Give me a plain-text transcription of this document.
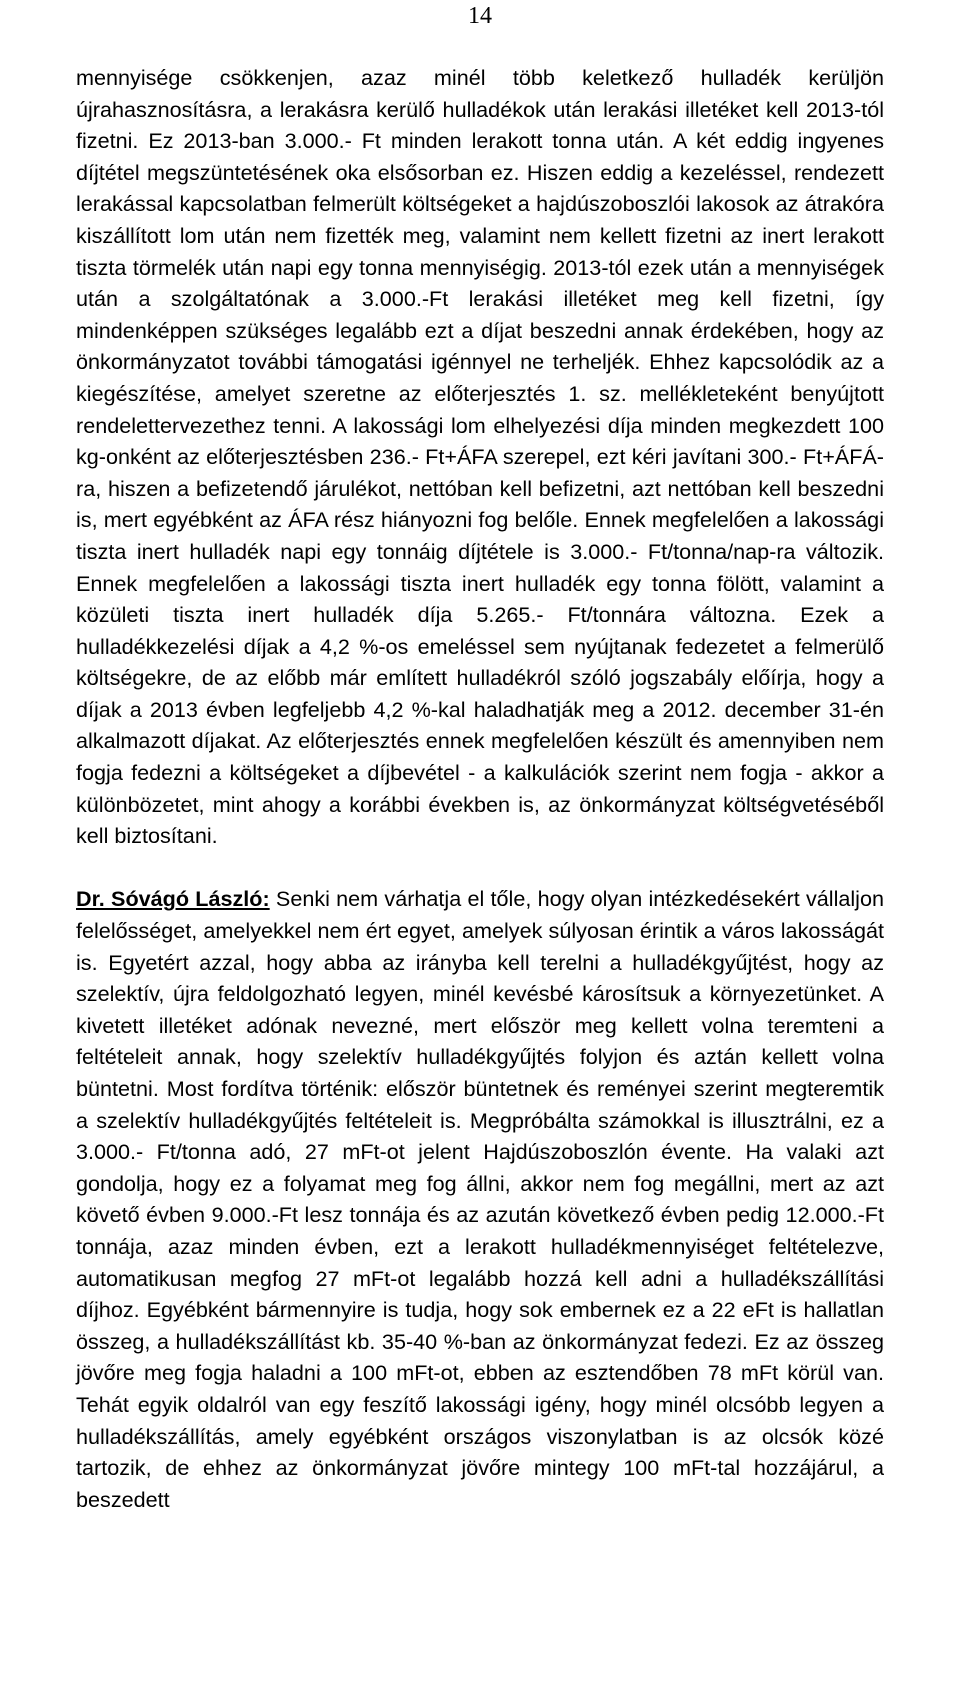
14

mennyisége csökkenjen, azaz minél több keletkező hulladék kerüljön újrahasznosításra, a lerakásra kerülő hulladékok után lerakási illetéket kell 2013-tól fizetni. Ez 2013-ban 3.000.- Ft minden lerakott tonna után. A két eddig ingyenes díjtétel megszüntetésének oka elsősorban ez. Hiszen eddig a kezeléssel, rendezett lerakással kapcsolatban felmerült költségeket a hajdúszoboszlói lakosok az átrakóra kiszállított lom után nem fizették meg, valamint nem kellett fizetni az inert lerakott tiszta törmelék után napi egy tonna mennyiségig. 2013-tól ezek után a mennyiségek után a szolgáltatónak a 3.000.-Ft lerakási illetéket meg kell fizetni, így mindenképpen szükséges legalább ezt a díjat beszedni annak érdekében, hogy az önkormányzatot további támogatási igénnyel ne terheljék. Ehhez kapcsolódik az a kiegészítése, amelyet szeretne az előterjesztés 1. sz. mellékleteként benyújtott rendelettervezethez tenni. A lakossági lom elhelyezési díja minden megkezdett 100 kg-onként az előterjesztésben 236.- Ft+ÁFA szerepel, ezt kéri javítani 300.- Ft+ÁFÁ-ra, hiszen a befizetendő járulékot, nettóban kell befizetni, azt nettóban kell beszedni is, mert egyébként az ÁFA rész hiányozni fog belőle. Ennek megfelelően a lakossági tiszta inert hulladék napi egy tonnáig díjtétele is 3.000.- Ft/tonna/nap-ra változik. Ennek megfelelően a lakossági tiszta inert hulladék egy tonna fölött, valamint a közületi tiszta inert hulladék díja 5.265.- Ft/tonnára változna. Ezek a hulladékkezelési díjak a 4,2 %-os emeléssel sem nyújtanak fedezetet a felmerülő költségekre, de az előbb már említett hulladékról szóló jogszabály előírja, hogy a díjak a 2013 évben legfeljebb 4,2 %-kal haladhatják meg a 2012. december 31-én alkalmazott díjakat. Az előterjesztés ennek megfelelően készült és amennyiben nem fogja fedezni a költségeket a díjbevétel - a kalkulációk szerint nem fogja - akkor a különbözetet, mint ahogy a korábbi években is, az önkormányzat költségvetéséből kell biztosítani.

Dr. Sóvágó László: Senki nem várhatja el tőle, hogy olyan intézkedésekért vállaljon felelősséget, amelyekkel nem ért egyet, amelyek súlyosan érintik a város lakosságát is. Egyetért azzal, hogy abba az irányba kell terelni a hulladékgyűjtést, hogy az szelektív, újra feldolgozható legyen, minél kevésbé károsítsuk a környezetünket. A kivetett illetéket adónak nevezné, mert először meg kellett volna teremteni a feltételeit annak, hogy szelektív hulladékgyűjtés folyjon és aztán kellett volna büntetni. Most fordítva történik: először büntetnek és reményei szerint megteremtik a szelektív hulladékgyűjtés feltételeit is. Megpróbálta számokkal is illusztrálni, ez a 3.000.- Ft/tonna adó, 27 mFt-ot jelent Hajdúszoboszlón évente. Ha valaki azt gondolja, hogy ez a folyamat meg fog állni, akkor nem fog megállni, mert az azt követő évben 9.000.-Ft lesz tonnája és az azután következő évben pedig 12.000.-Ft tonnája, azaz minden évben, ezt a lerakott hulladékmennyiséget feltételezve, automatikusan megfog 27 mFt-ot legalább hozzá kell adni a hulladékszállítási díjhoz. Egyébként bármennyire is tudja, hogy sok embernek ez a 22 eFt is hallatlan összeg, a hulladékszállítást kb. 35-40 %-ban az önkormányzat fedezi. Ez az összeg jövőre meg fogja haladni a 100 mFt-ot, ebben az esztendőben 78 mFt körül van. Tehát egyik oldalról van egy feszítő lakossági igény, hogy minél olcsóbb legyen a hulladékszállítás, amely egyébként országos viszonylatban is az olcsók közé tartozik, de ehhez az önkormányzat jövőre mintegy 100 mFt-tal hozzájárul, a beszedett
